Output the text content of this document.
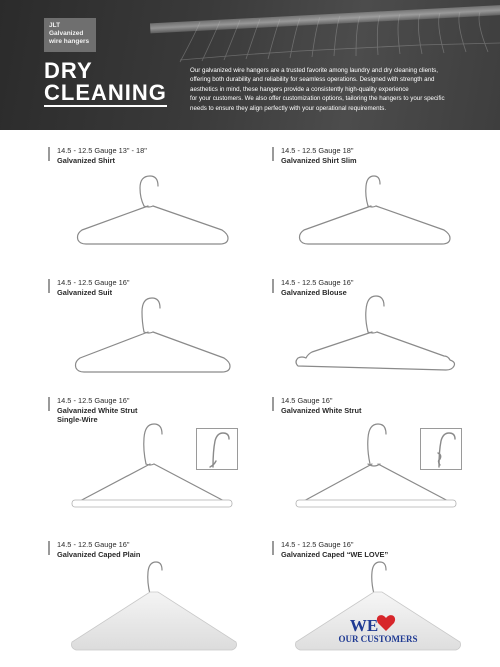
JLT
Galvanized
wire hangers
DRY
CLEANING
Our galvanized wire hangers are a trusted favorite among laundry and dry cleaning clients,
offering both durability and reliability for seamless operations. Designed with strength and
aesthetics in mind, these hangers provide a consistently high-quality experience
for your customers. We also offer customization options, tailoring the hangers to your specific
needs to ensure they align perfectly with your operational requirements.
14.5 - 12.5 Gauge 13" - 18"
Galvanized Shirt
14.5 - 12.5 Gauge 18"
Galvanized Shirt Slim
14.5 - 12.5 Gauge 16"
Galvanized Suit
14.5 - 12.5 Gauge 16"
Galvanized Blouse
14.5 - 12.5 Gauge 16"
Galvanized White Strut
Single-Wire
14.5 Gauge 16"
Galvanized White Strut
14.5 - 12.5 Gauge 16"
Galvanized Caped Plain
14.5 - 12.5 Gauge 16"
Galvanized Caped “WE LOVE”
WE
OUR CUSTOMERS
